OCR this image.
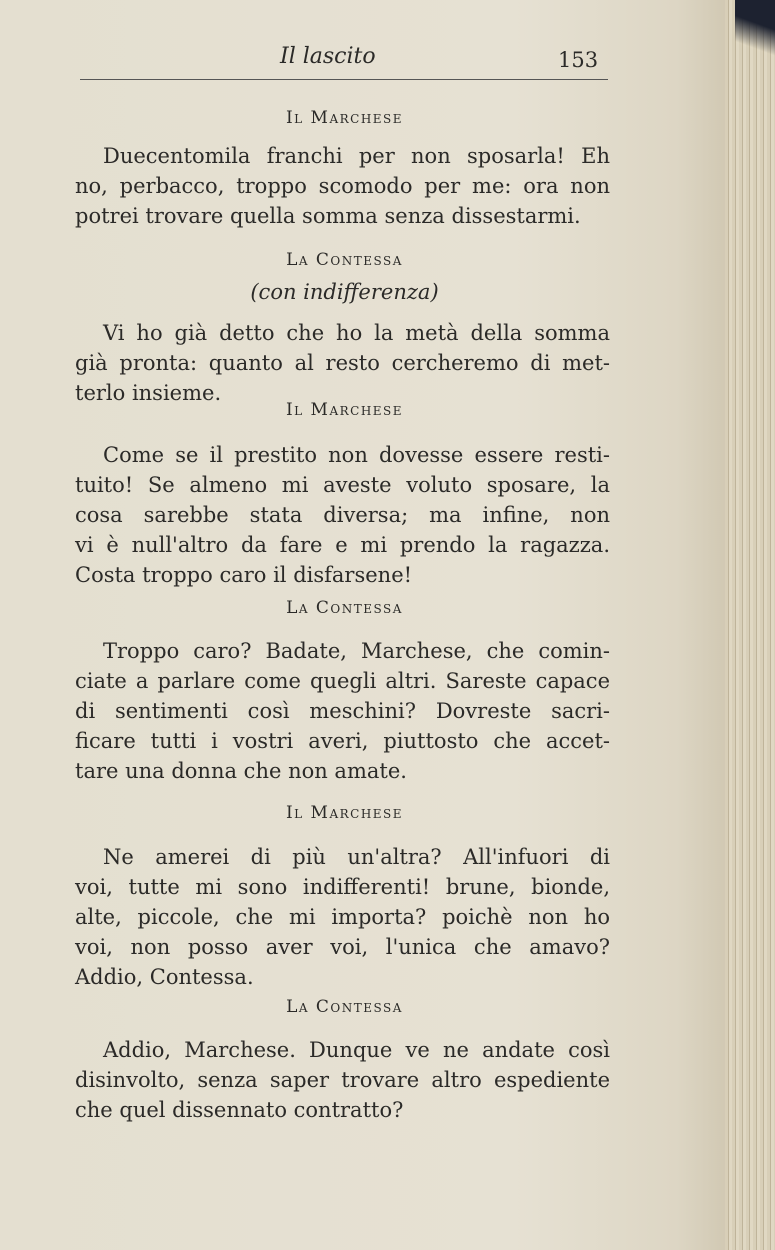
Il lascito	153
Il Marchese
Duecentomila franchi per non sposarla! Eh
no, perbacco, troppo scomodo per me: ora non
potrei trovare quella somma senza dissestarmi.
La Contessa
(con indifferenza)
Vi ho già detto che ho la metà della somma
già pronta: quanto al resto cercheremo di met-
terlo insieme.
Il Marchese
Come se il prestito non dovesse essere resti-
tuito! Se almeno mi aveste voluto sposare, la
cosa sarebbe stata diversa; ma infine, non
vi è null'altro da fare e mi prendo la ragazza.
Costa troppo caro il disfarsene!
La Contessa
Troppo caro? Badate, Marchese, che comin-
ciate a parlare come quegli altri. Sareste capace
di sentimenti così meschini? Dovreste sacri-
ficare tutti i vostri averi, piuttosto che accet-
tare una donna che non amate.
Il Marchese
Ne amerei di più un'altra? All'infuori di
voi, tutte mi sono indifferenti! brune, bionde,
alte, piccole, che mi importa? poichè non ho
voi, non posso aver voi, l'unica che amavo?
Addio, Contessa.
La Contessa
Addio, Marchese. Dunque ve ne andate così
disinvolto, senza saper trovare altro espediente
che quel dissennato contratto?
